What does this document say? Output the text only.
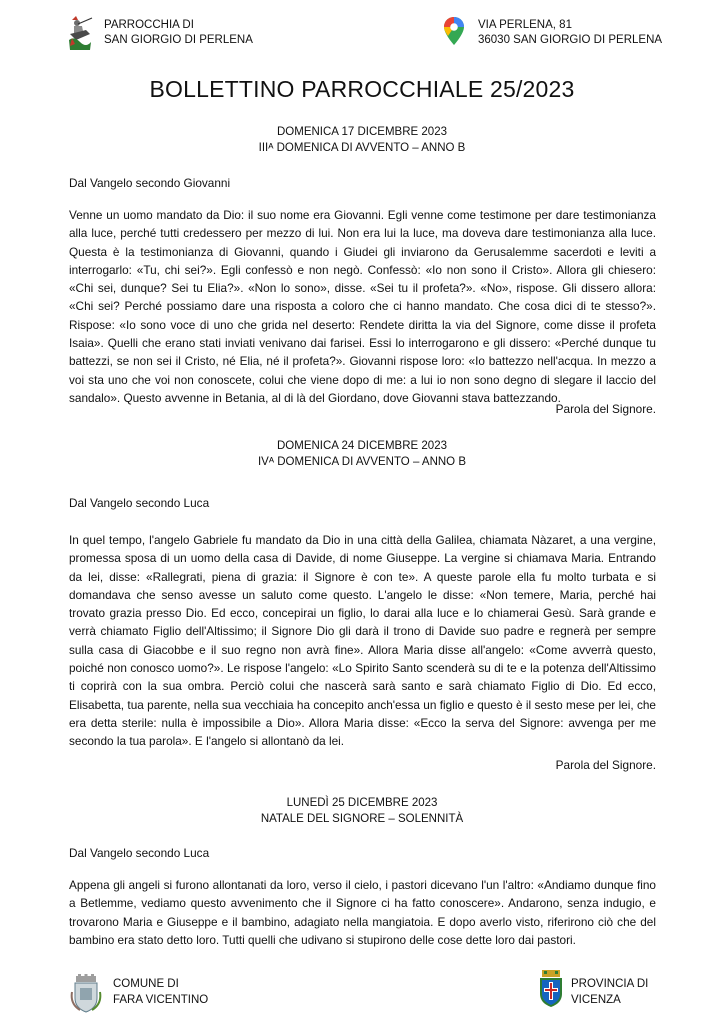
PARROCCHIA DI
SAN GIORGIO DI PERLENA
VIA PERLENA, 81
36030 SAN GIORGIO DI PERLENA
BOLLETTINO PARROCCHIALE 25/2023
DOMENICA 17 DICEMBRE 2023
IIIᴬ DOMENICA DI AVVENTO – ANNO B
Dal Vangelo secondo Giovanni
Venne un uomo mandato da Dio: il suo nome era Giovanni. Egli venne come testimone per dare testimonianza alla luce, perché tutti credessero per mezzo di lui. Non era lui la luce, ma doveva dare testimonianza alla luce. Questa è la testimonianza di Giovanni, quando i Giudei gli inviarono da Gerusalemme sacerdoti e leviti a interrogarlo: «Tu, chi sei?». Egli confessò e non negò. Confessò: «Io non sono il Cristo». Allora gli chiesero: «Chi sei, dunque? Sei tu Elia?». «Non lo sono», disse. «Sei tu il profeta?». «No», rispose. Gli dissero allora: «Chi sei? Perché possiamo dare una risposta a coloro che ci hanno mandato. Che cosa dici di te stesso?». Rispose: «Io sono voce di uno che grida nel deserto: Rendete diritta la via del Signore, come disse il profeta Isaia». Quelli che erano stati inviati venivano dai farisei. Essi lo interrogarono e gli dissero: «Perché dunque tu battezzi, se non sei il Cristo, né Elia, né il profeta?». Giovanni rispose loro: «Io battezzo nell'acqua. In mezzo a voi sta uno che voi non conoscete, colui che viene dopo di me: a lui io non sono degno di slegare il laccio del sandalo». Questo avvenne in Betania, al di là del Giordano, dove Giovanni stava battezzando.
Parola del Signore.
DOMENICA 24 DICEMBRE 2023
IVᴬ DOMENICA DI AVVENTO – ANNO B
Dal Vangelo secondo Luca
In quel tempo, l'angelo Gabriele fu mandato da Dio in una città della Galilea, chiamata Nàzaret, a una vergine, promessa sposa di un uomo della casa di Davide, di nome Giuseppe. La vergine si chiamava Maria. Entrando da lei, disse: «Rallegrati, piena di grazia: il Signore è con te». A queste parole ella fu molto turbata e si domandava che senso avesse un saluto come questo. L'angelo le disse: «Non temere, Maria, perché hai trovato grazia presso Dio. Ed ecco, concepirai un figlio, lo darai alla luce e lo chiamerai Gesù. Sarà grande e verrà chiamato Figlio dell'Altissimo; il Signore Dio gli darà il trono di Davide suo padre e regnerà per sempre sulla casa di Giacobbe e il suo regno non avrà fine». Allora Maria disse all'angelo: «Come avverrà questo, poiché non conosco uomo?». Le rispose l'angelo: «Lo Spirito Santo scenderà su di te e la potenza dell'Altissimo ti coprirà con la sua ombra. Perciò colui che nascerà sarà santo e sarà chiamato Figlio di Dio. Ed ecco, Elisabetta, tua parente, nella sua vecchiaia ha concepito anch'essa un figlio e questo è il sesto mese per lei, che era detta sterile: nulla è impossibile a Dio». Allora Maria disse: «Ecco la serva del Signore: avvenga per me secondo la tua parola». E l'angelo si allontanò da lei.
Parola del Signore.
LUNEDÌ 25 DICEMBRE 2023
NATALE DEL SIGNORE – SOLENNITÀ
Dal Vangelo secondo Luca
Appena gli angeli si furono allontanati da loro, verso il cielo, i pastori dicevano l'un l'altro: «Andiamo dunque fino a Betlemme, vediamo questo avvenimento che il Signore ci ha fatto conoscere». Andarono, senza indugio, e trovarono Maria e Giuseppe e il bambino, adagiato nella mangiatoia. E dopo averlo visto, riferirono ciò che del bambino era stato detto loro. Tutti quelli che udivano si stupirono delle cose dette loro dai pastori.
COMUNE DI
FARA VICENTINO
PROVINCIA DI
VICENZA
